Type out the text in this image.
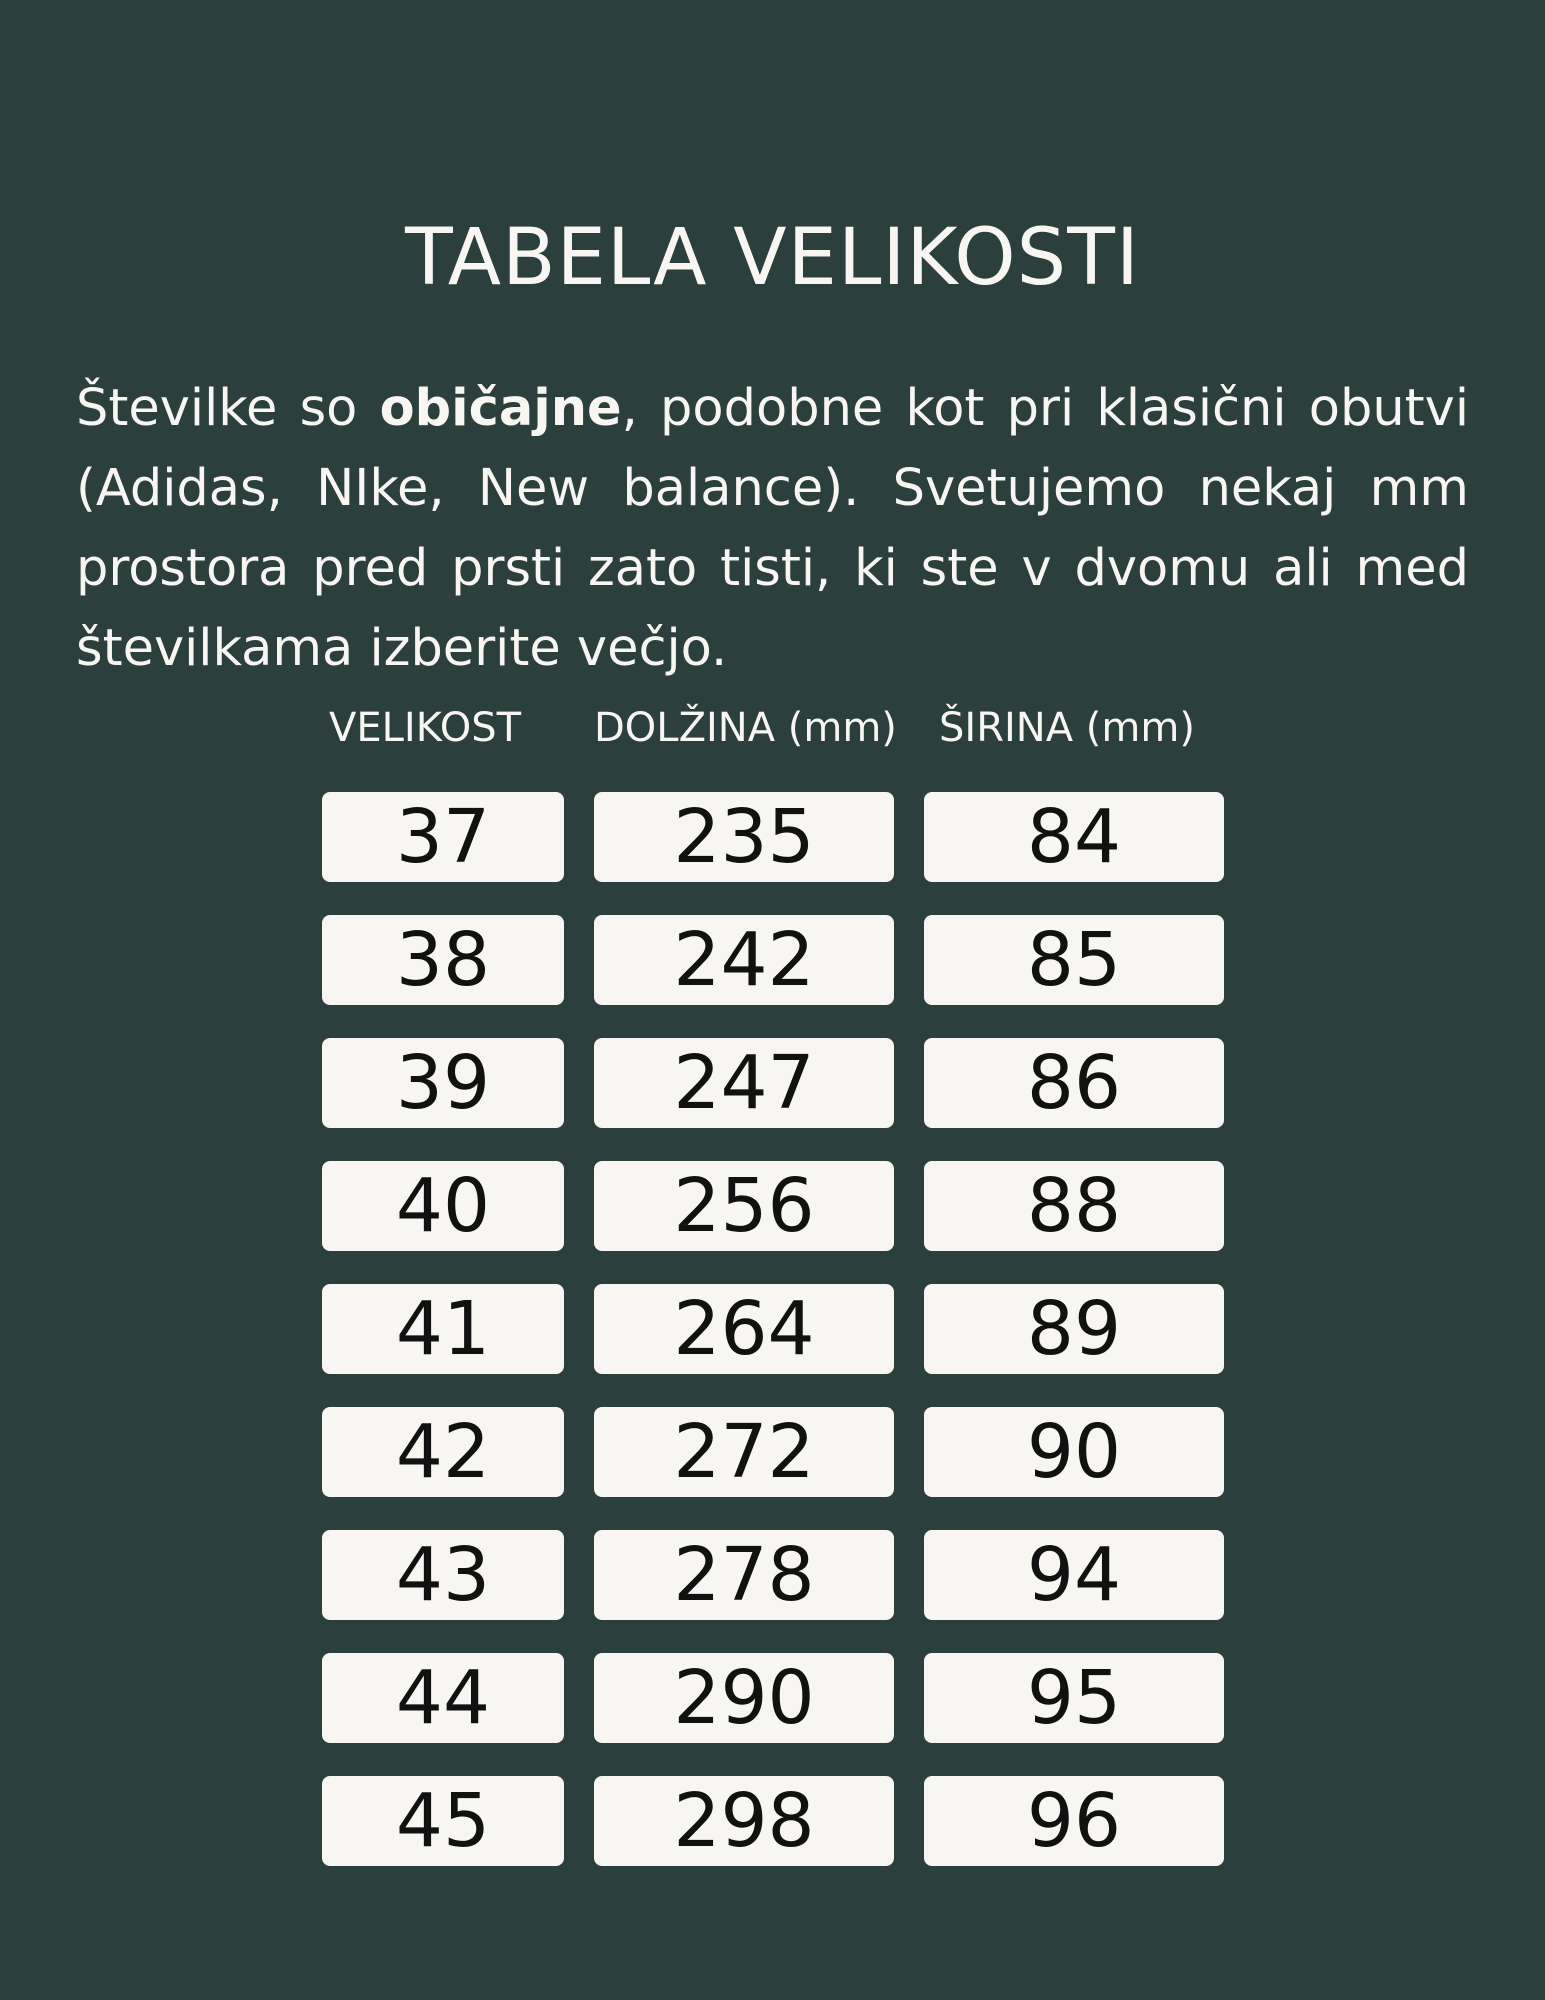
TABELA VELIKOSTI

Številke so običajne, podobne kot pri klasični obutvi (Adidas, NIke, New balance). Svetujemo nekaj mm prostora pred prsti zato tisti, ki ste v dvomu ali med številkama izberite večjo.

VELIKOST DOLŽINA (mm) ŠIRINA (mm)
37	235	84
38	242	85
39	247	86
40	256	88
41	264	89
42	272	90
43	278	94
44	290	95
45	298	96
